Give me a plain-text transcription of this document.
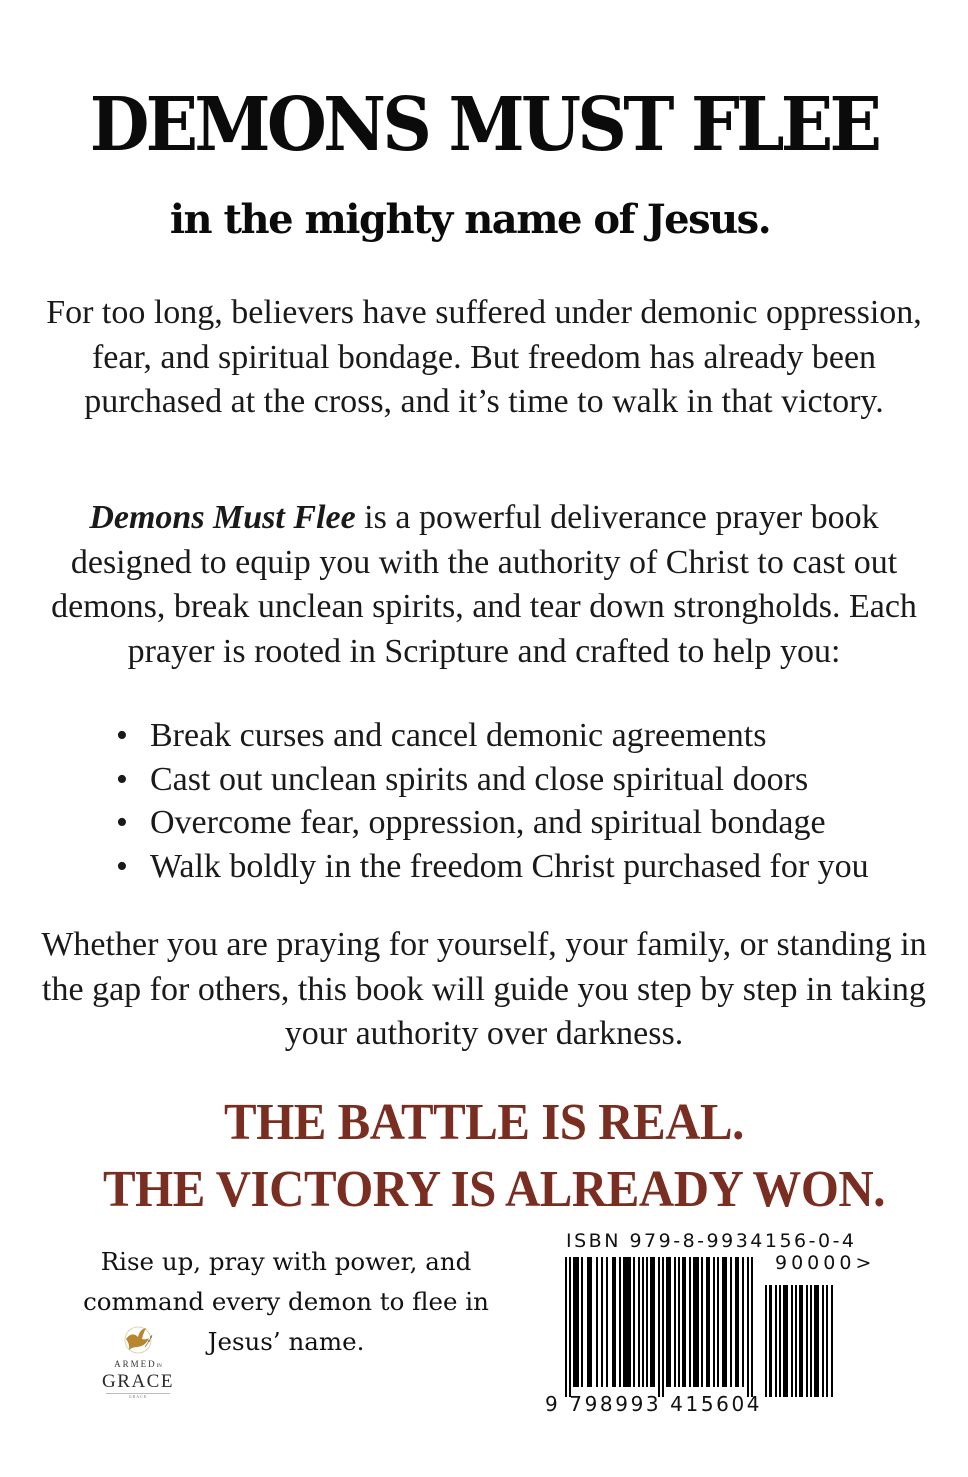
DEMONS MUST FLEE
in the mighty name of Jesus.
For too long, believers have suffered under demonic oppression, fear, and spiritual bondage. But freedom has already been purchased at the cross, and it’s time to walk in that victory.
Demons Must Flee is a powerful deliverance prayer book designed to equip you with the authority of Christ to cast out demons, break unclean spirits, and tear down strongholds. Each prayer is rooted in Scripture and crafted to help you:
• Break curses and cancel demonic agreements
• Cast out unclean spirits and close spiritual doors
• Overcome fear, oppression, and spiritual bondage
• Walk boldly in the freedom Christ purchased for you
Whether you are praying for yourself, your family, or standing in the gap for others, this book will guide you step by step in taking your authority over darkness.
THE BATTLE IS REAL.
THE VICTORY IS ALREADY WON.
Rise up, pray with power, and command every demon to flee in Jesus’ name.
ARMEDIN
GRACE
GRACE
ISBN 979-8-9934156-0-4
90000>
9 798993 415604
